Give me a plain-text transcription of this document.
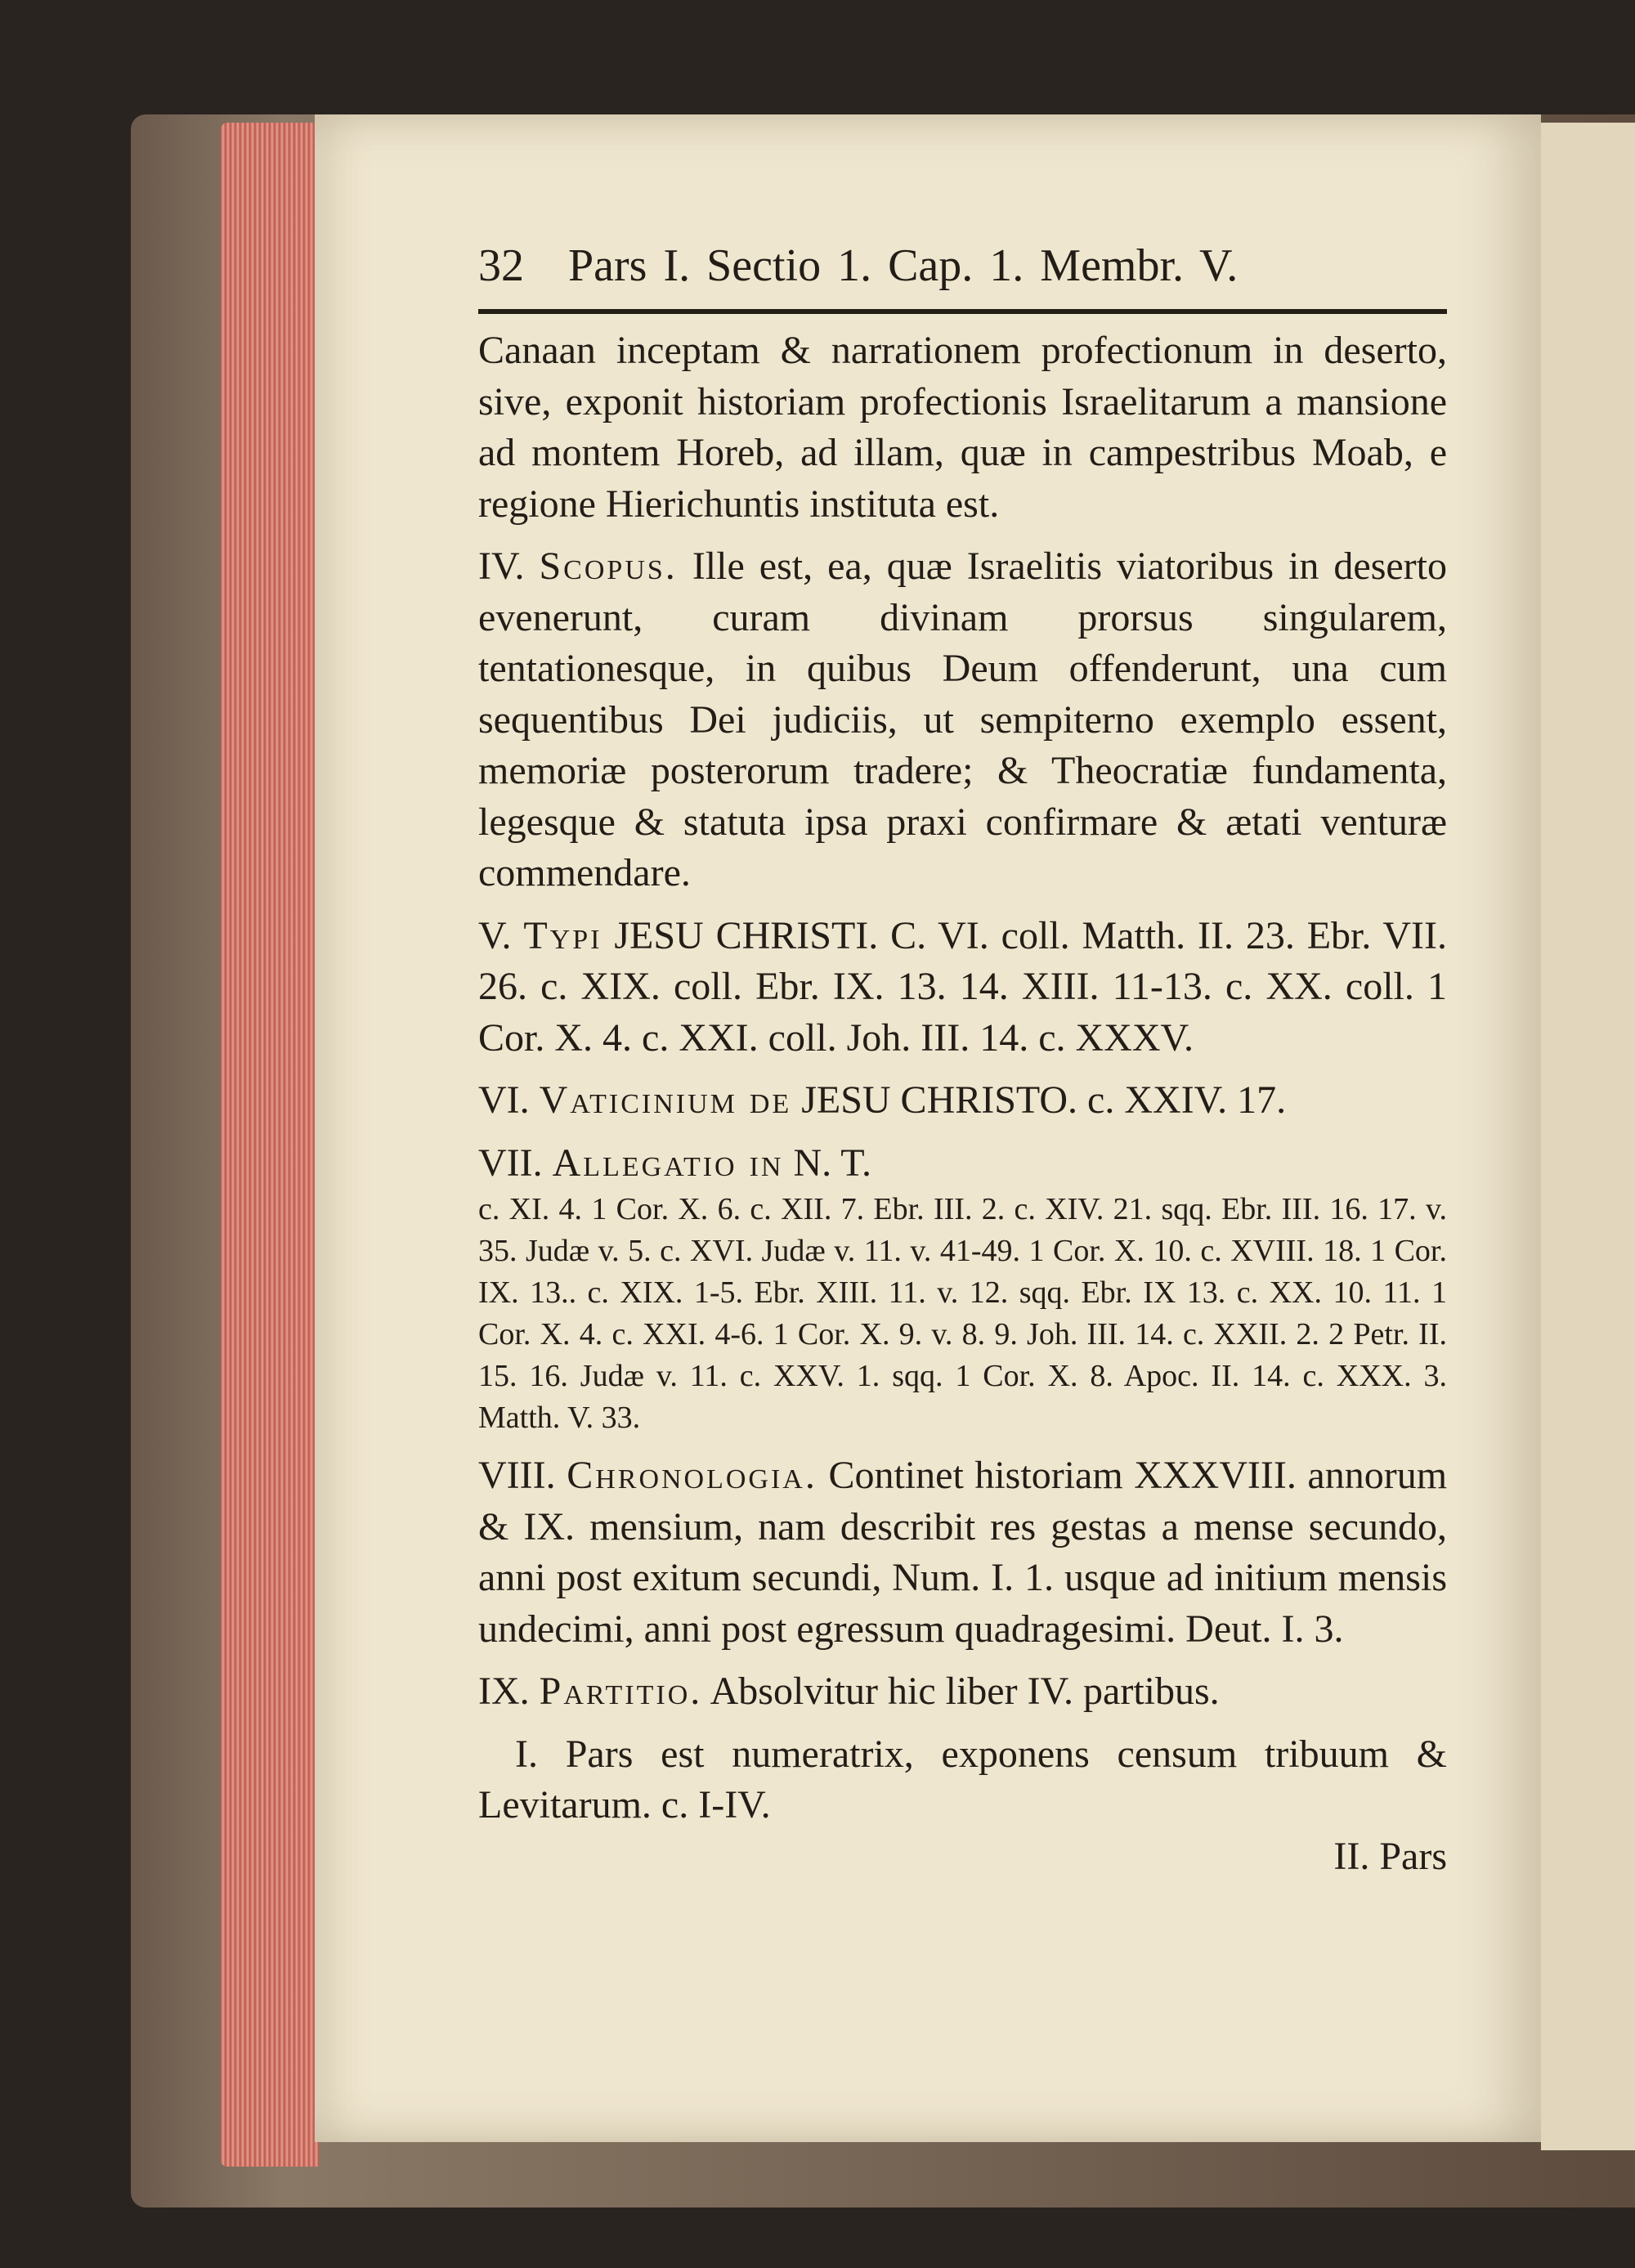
32 Pars I. Sectio 1. Cap. 1. Membr. V.

Canaan inceptam & narrationem profectionum in deserto, sive, exponit historiam profectionis Israelitarum a mansione ad montem Horeb, ad illam, quæ in campestribus Moab, e regione Hierichuntis instituta est.

IV. Scopus. Ille est, ea, quæ Israelitis viatoribus in deserto evenerunt, curam divinam prorsus singularem, tentationesque, in quibus Deum offenderunt, una cum sequentibus Dei judiciis, ut sempiterno exemplo essent, memoriæ posterorum tradere; & Theocratiæ fundamenta, legesque & statuta ipsa praxi confirmare & ætati venturæ commendare.

V. Typi JESU CHRISTI. C. VI. coll. Matth. II. 23. Ebr. VII. 26. c. XIX. coll. Ebr. IX. 13. 14. XIII. 11-13. c. XX. coll. 1 Cor. X. 4. c. XXI. coll. Joh. III. 14. c. XXXV.

VI. Vaticinium de JESU CHRISTO. c. XXIV. 17.

VII. Allegatio in N. T.

c. XI. 4. 1 Cor. X. 6. c. XII. 7. Ebr. III. 2. c. XIV. 21. sqq. Ebr. III. 16. 17. v. 35. Judæ v. 5. c. XVI. Judæ v. 11. v. 41-49. 1 Cor. X. 10. c. XVIII. 18. 1 Cor. IX. 13.. c. XIX. 1-5. Ebr. XIII. 11. v. 12. sqq. Ebr. IX 13. c. XX. 10. 11. 1 Cor. X. 4. c. XXI. 4-6. 1 Cor. X. 9. v. 8. 9. Joh. III. 14. c. XXII. 2. 2 Petr. II. 15. 16. Judæ v. 11. c. XXV. 1. sqq. 1 Cor. X. 8. Apoc. II. 14. c. XXX. 3. Matth. V. 33.

VIII. Chronologia. Continet historiam XXXVIII. annorum & IX. mensium, nam describit res gestas a mense secundo, anni post exitum secundi, Num. I. 1. usque ad initium mensis undecimi, anni post egressum quadragesimi. Deut. I. 3.

IX. Partitio. Absolvitur hic liber IV. partibus.

I. Pars est numeratrix, exponens censum tribuum & Levitarum. c. I-IV.

II. Pars
